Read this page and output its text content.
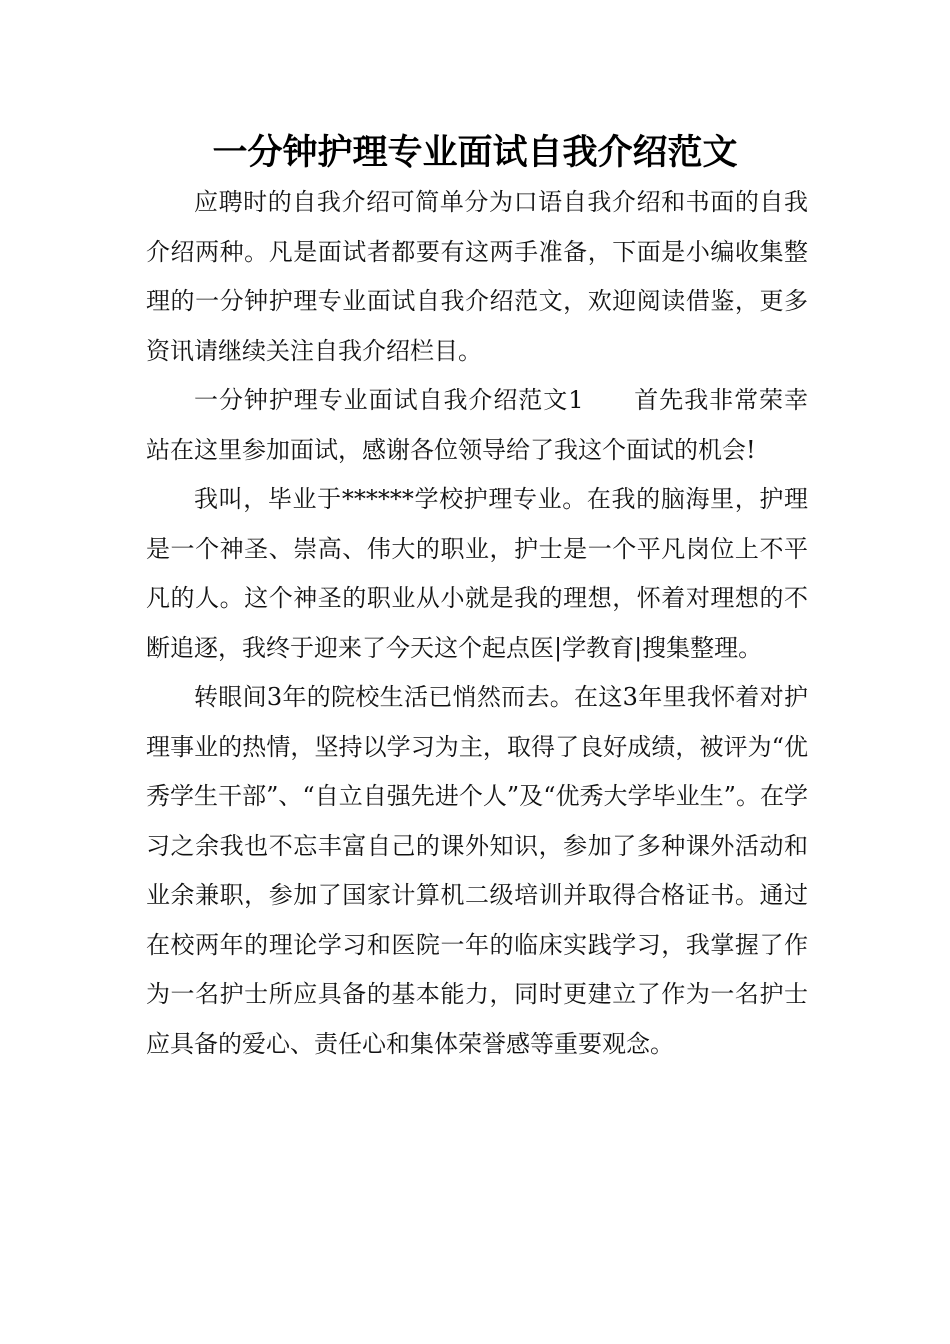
一分钟护理专业面试自我介绍范文

应聘时的自我介绍可简单分为口语自我介绍和书面的自我介绍两种。凡是面试者都要有这两手准备，下面是小编收集整理的一分钟护理专业面试自我介绍范文，欢迎阅读借鉴，更多资讯请继续关注自我介绍栏目。

一分钟护理专业面试自我介绍范文1　　首先我非常荣幸站在这里参加面试，感谢各位领导给了我这个面试的机会!

我叫，毕业于******学校护理专业。在我的脑海里，护理是一个神圣、崇高、伟大的职业，护士是一个平凡岗位上不平凡的人。这个神圣的职业从小就是我的理想，怀着对理想的不断追逐，我终于迎来了今天这个起点医|学教育|搜集整理。

转眼间3年的院校生活已悄然而去。在这3年里我怀着对护理事业的热情，坚持以学习为主，取得了良好成绩，被评为“优秀学生干部”、“自立自强先进个人”及“优秀大学毕业生”。在学习之余我也不忘丰富自己的课外知识，参加了多种课外活动和业余兼职，参加了国家计算机二级培训并取得合格证书。通过在校两年的理论学习和医院一年的临床实践学习，我掌握了作为一名护士所应具备的基本能力，同时更建立了作为一名护士应具备的爱心、责任心和集体荣誉感等重要观念。
